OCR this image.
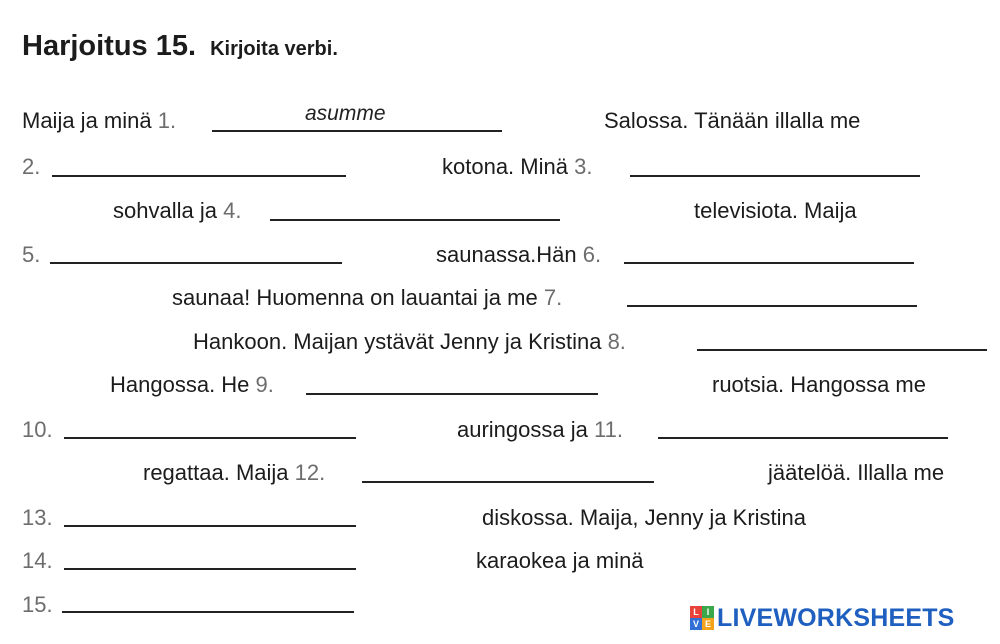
Harjoitus 15. Kirjoita verbi.
Maija ja minä 1.	asumme	Salossa. Tänään illalla me
2.	kotona. Minä 3.
sohvalla ja 4.	televisiota. Maija
5.	saunassa.Hän 6.
saunaa! Huomenna on lauantai ja me 7.
Hankoon. Maijan ystävät Jenny ja Kristina 8.
Hangossa. He 9.	ruotsia. Hangossa me
10.	auringossa ja 11.
regattaa. Maija 12.	jäätelöä. Illalla me
13.	diskossa. Maija, Jenny ja Kristina
14.	karaokea ja minä
15.	L I
V E LIVEWORKSHEETS
